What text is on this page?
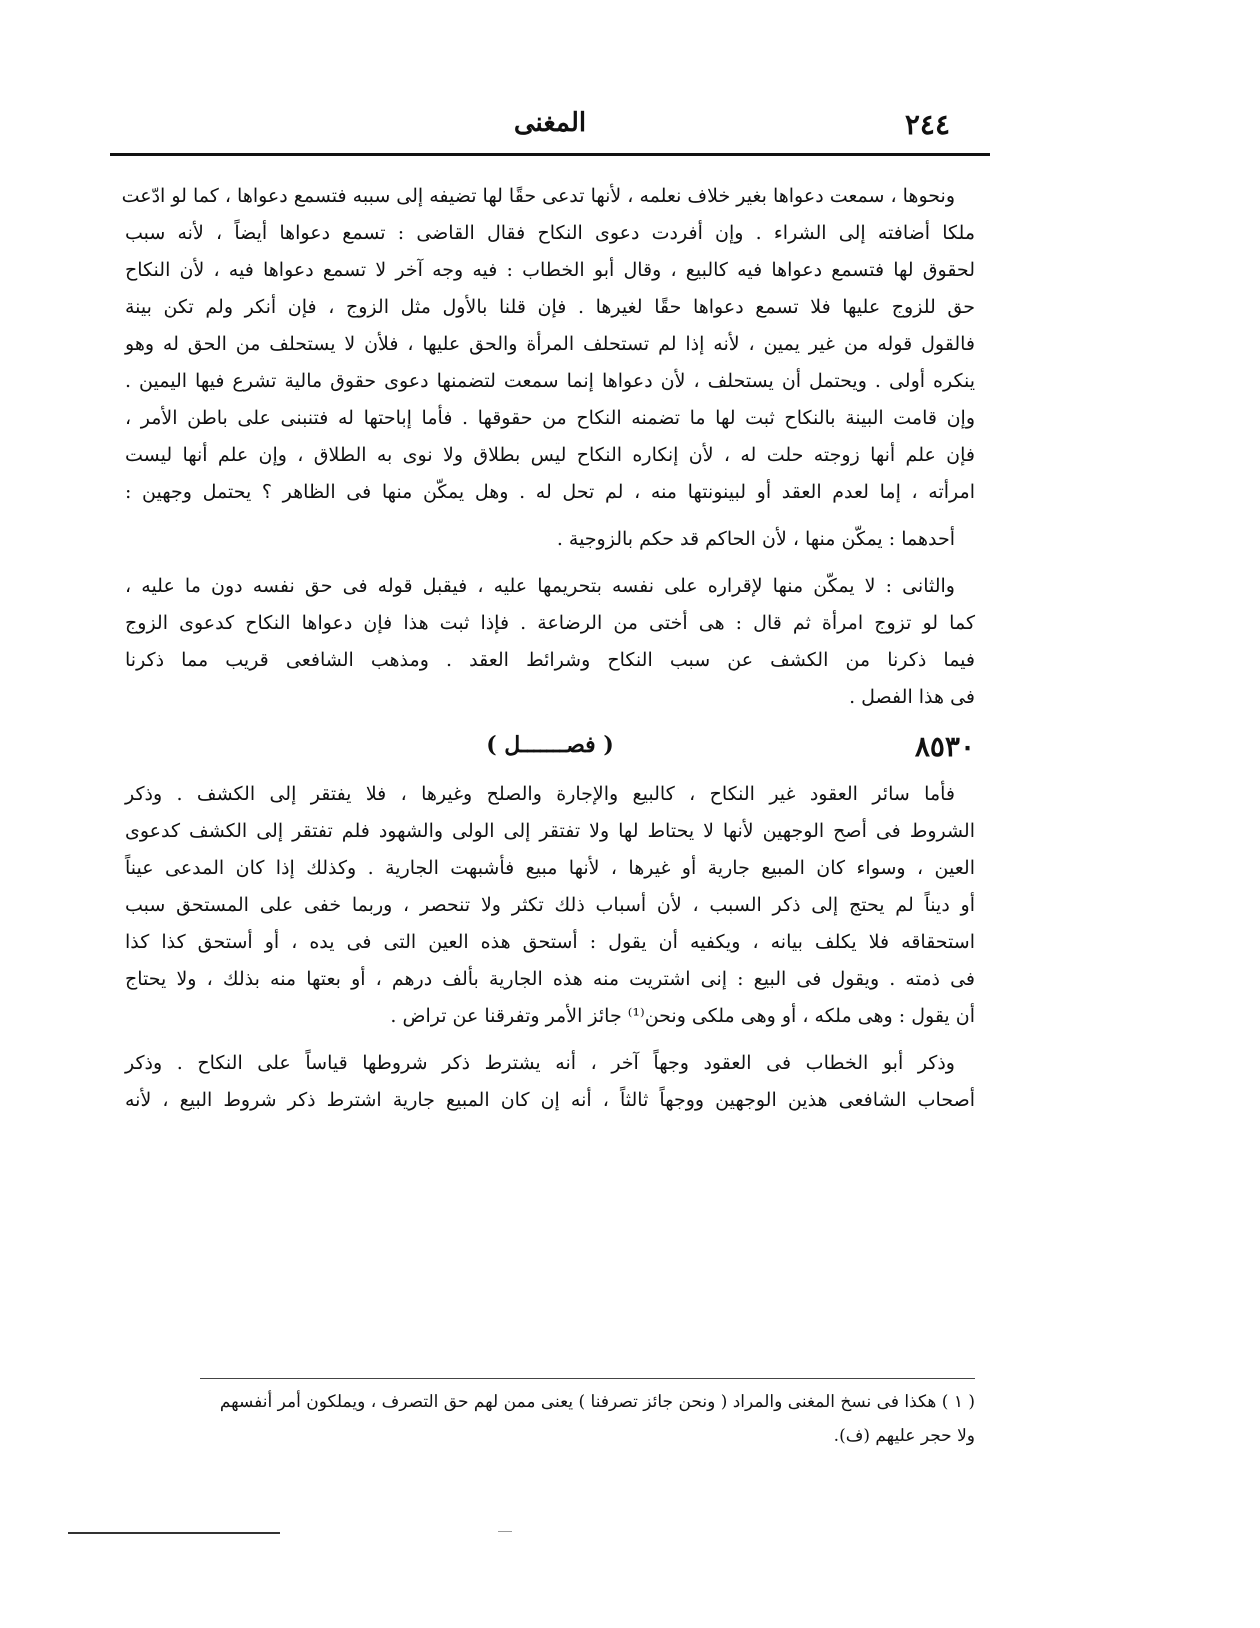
٢٤٤
المغنى

ونحوها ، سمعت دعواها بغير خلاف نعلمه ، لأنها تدعى حقًا لها تضيفه إلى سببه فتسمع دعواها ، كما لو ادّعت

ملكا أضافته إلى الشراء . وإن أفردت دعوى النكاح فقال القاضى : تسمع دعواها أيضاً ، لأنه سبب

لحقوق لها فتسمع دعواها فيه كالبيع ، وقال أبو الخطاب : فيه وجه آخر لا تسمع دعواها فيه ، لأن النكاح

حق للزوج عليها فلا تسمع دعواها حقًا لغيرها . فإن قلنا بالأول مثل الزوج ، فإن أنكر ولم تكن بينة

فالقول قوله من غير يمين ، لأنه إذا لم تستحلف المرأة والحق عليها ، فلأن لا يستحلف من الحق له وهو

ينكره أولى . ويحتمل أن يستحلف ، لأن دعواها إنما سمعت لتضمنها دعوى حقوق مالية تشرع فيها اليمين .

وإن قامت البينة بالنكاح ثبت لها ما تضمنه النكاح من حقوقها . فأما إباحتها له فتنبنى على باطن الأمر ،

فإن علم أنها زوجته حلت له ، لأن إنكاره النكاح ليس بطلاق ولا نوى به الطلاق ، وإن علم أنها ليست

امرأته ، إما لعدم العقد أو لبينونتها منه ، لم تحل له . وهل يمكّن منها فى الظاهر ؟ يحتمل وجهين :

أحدهما : يمكّن منها ، لأن الحاكم قد حكم بالزوجية .

والثانى : لا يمكّن منها لإقراره على نفسه بتحريمها عليه ، فيقبل قوله فى حق نفسه دون ما عليه ،

كما لو تزوج امرأة ثم قال : هى أختى من الرضاعة . فإذا ثبت هذا فإن دعواها النكاح كدعوى الزوج

فيما ذكرنا من الكشف عن سبب النكاح وشرائط العقد . ومذهب الشافعى قريب مما ذكرنا

فى هذا الفصل .

٨٥٣٠
( فصـــــــل )

فأما سائر العقود غير النكاح ، كالبيع والإجارة والصلح وغيرها ، فلا يفتقر إلى الكشف . وذكر

الشروط فى أصح الوجهين لأنها لا يحتاط لها ولا تفتقر إلى الولى والشهود فلم تفتقر إلى الكشف كدعوى

العين ، وسواء كان المبيع جارية أو غيرها ، لأنها مبيع فأشبهت الجارية . وكذلك إذا كان المدعى عيناً

أو ديناً لم يحتج إلى ذكر السبب ، لأن أسباب ذلك تكثر ولا تنحصر ، وربما خفى على المستحق سبب

استحقاقه فلا يكلف بيانه ، ويكفيه أن يقول : أستحق هذه العين التى فى يده ، أو أستحق كذا كذا

فى ذمته . ويقول فى البيع : إنى اشتريت منه هذه الجارية بألف درهم ، أو بعتها منه بذلك ، ولا يحتاج

أن يقول : وهى ملكه ، أو وهى ملكى ونحن⁽¹⁾ جائز الأمر وتفرقنا عن تراض .

وذكر أبو الخطاب فى العقود وجهاً آخر ، أنه يشترط ذكر شروطها قياساً على النكاح . وذكر

أصحاب الشافعى هذين الوجهين ووجهاً ثالثاً ، أنه إن كان المبيع جارية اشترط ذكر شروط البيع ، لأنه

( ١ ) هكذا فى نسخ المغنى والمراد ( ونحن جائز تصرفنا ) يعنى ممن لهم حق التصرف ، ويملكون أمر أنفسهم

ولا حجر عليهم (ف).
